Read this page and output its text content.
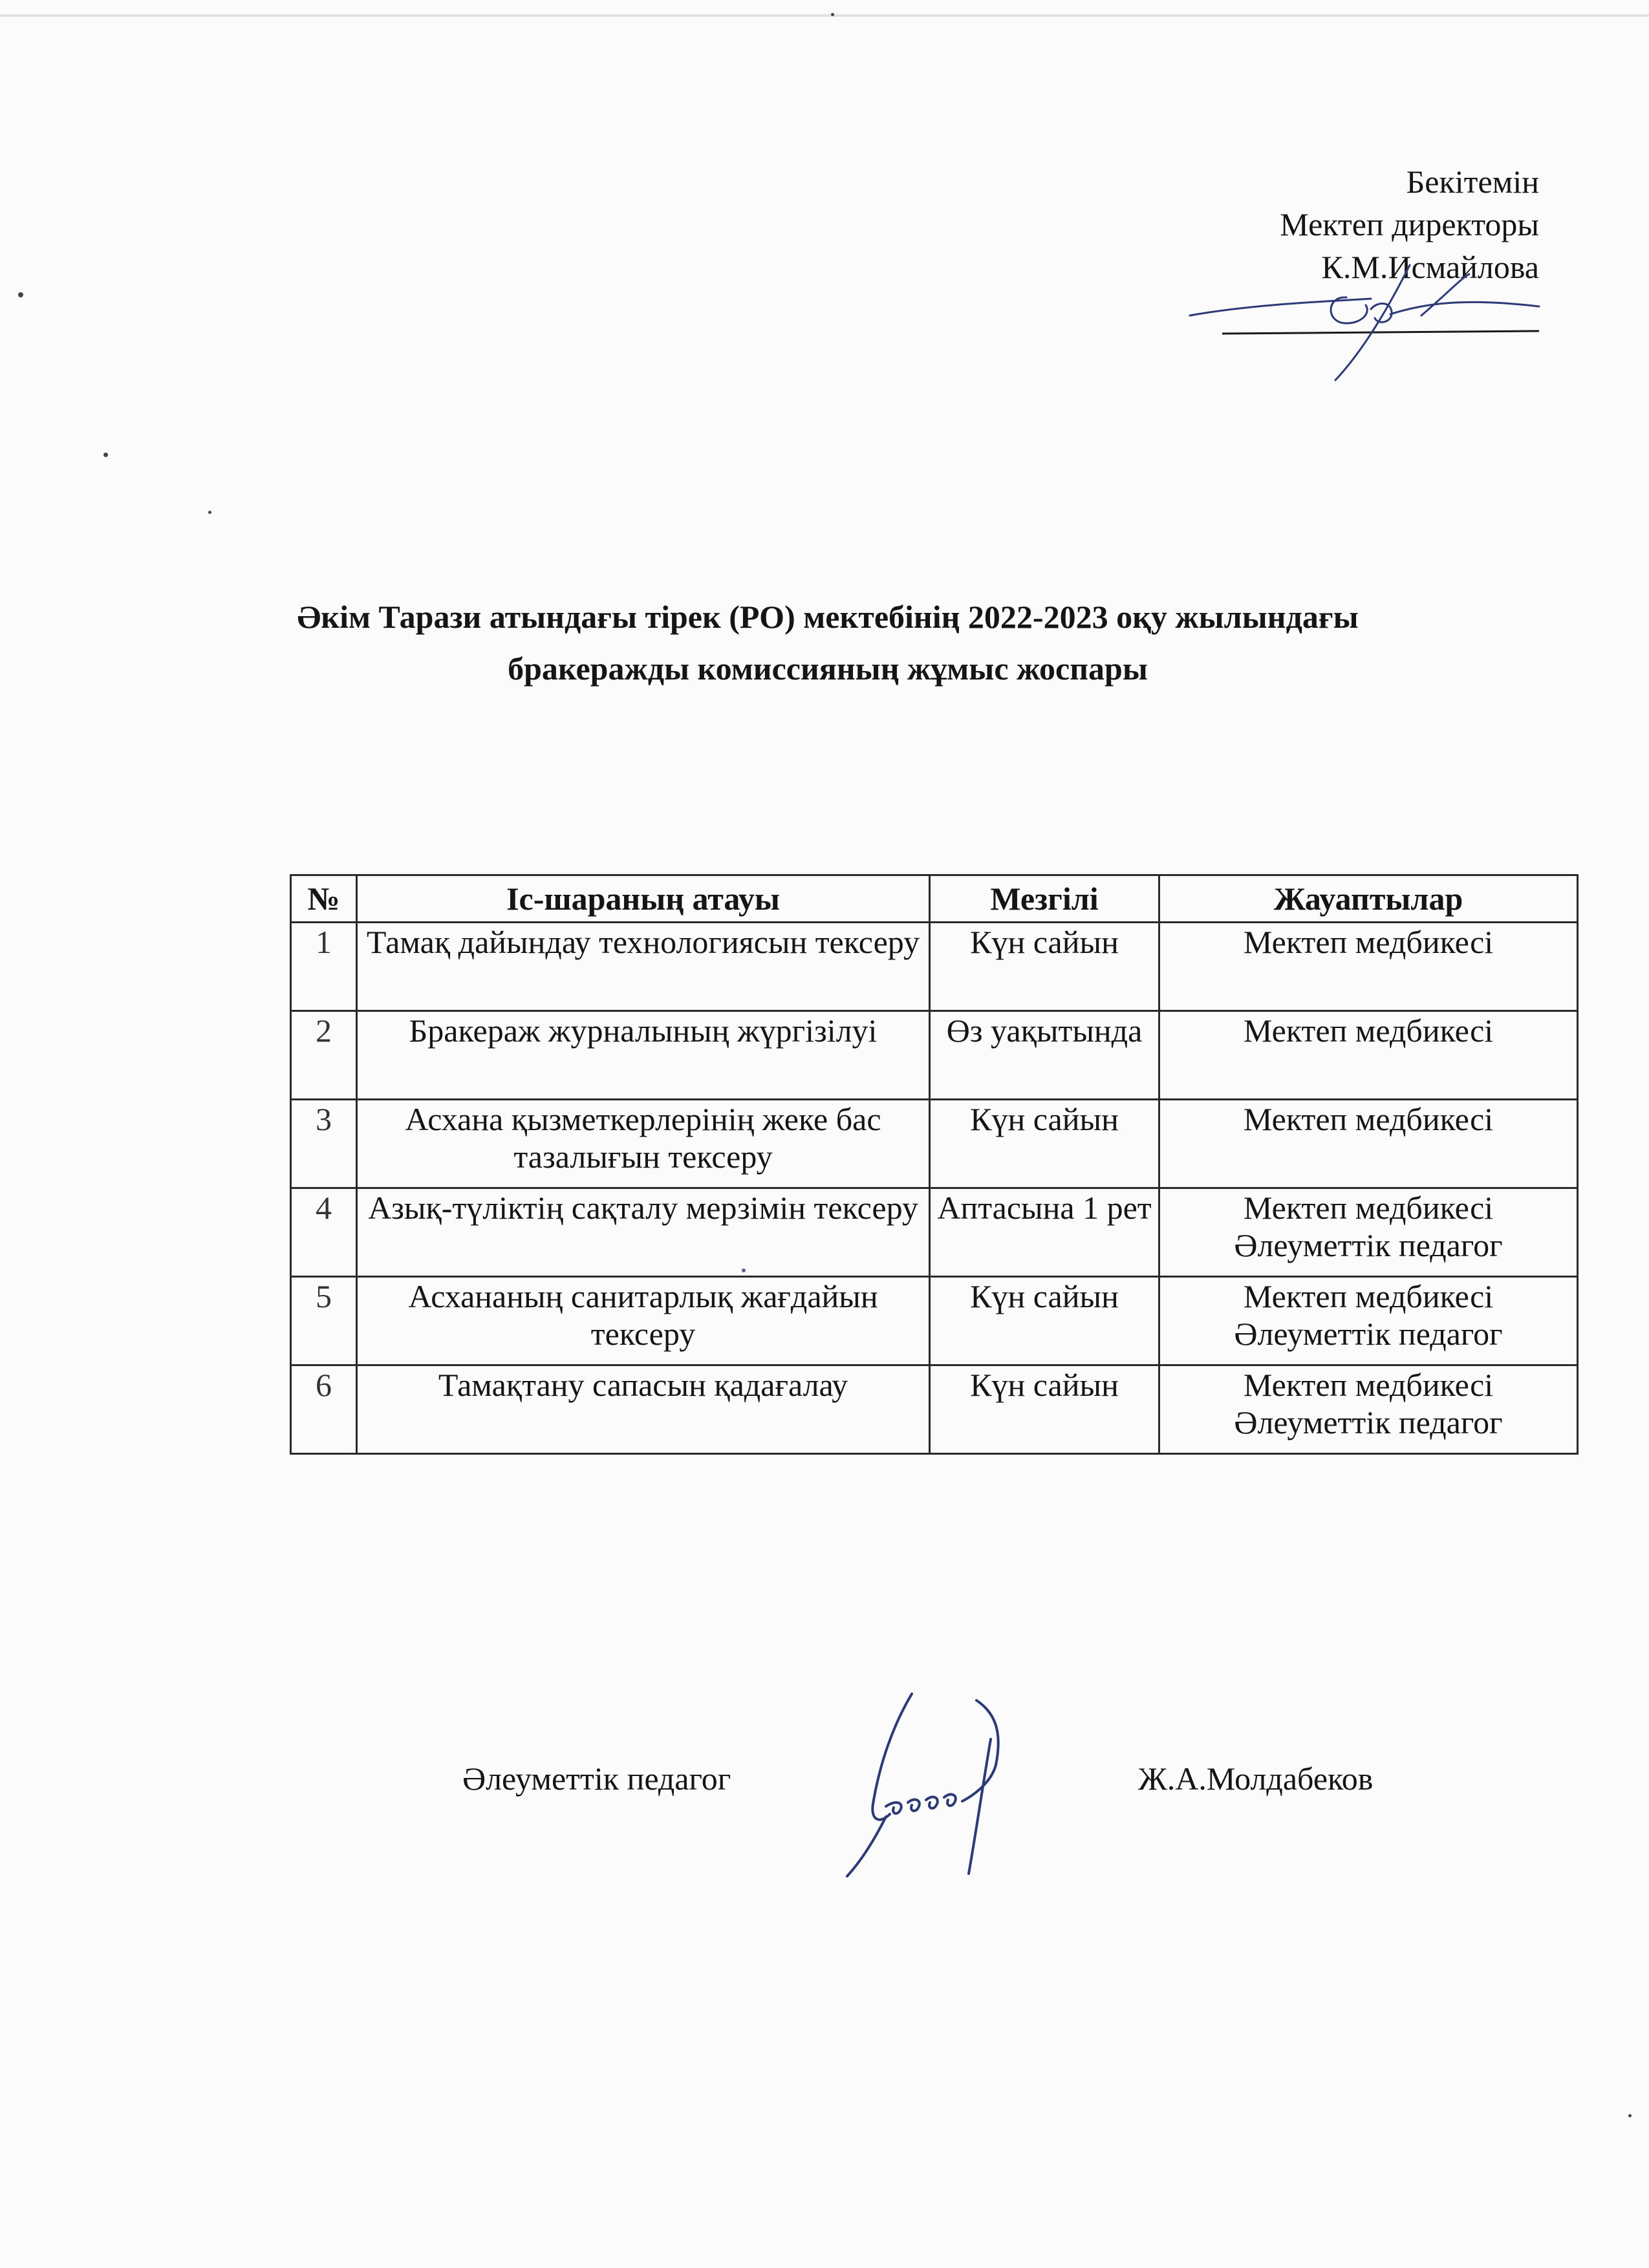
Бекітемін
Мектеп директоры
К.М.Исмайлова
Әкім Тарази атындағы тірек (РО) мектебінің 2022-2023 оқу жылындағы
бракеражды комиссияның жұмыс жоспары
№	Іс-шараның атауы	Мезгілі	Жауаптылар
1	Тамақ дайындау технологиясын тексеру	Күн сайын	Мектеп медбикесі
2	Бракераж журналының жүргізілуі	Өз уақытында	Мектеп медбикесі
3	Асхана қызметкерлерінің жеке бас тазалығын тексеру	Күн сайын	Мектеп медбикесі
4	Азық-түліктің сақталу мерзімін тексеру	Аптасына 1 рет	Мектеп медбикесі Әлеуметтік педагог
5	Асхананың санитарлық жағдайын тексеру	Күн сайын	Мектеп медбикесі Әлеуметтік педагог
6	Тамақтану сапасын қадағалау	Күн сайын	Мектеп медбикесі Әлеуметтік педагог
Әлеуметтік педагог	Ж.А.Молдабеков
